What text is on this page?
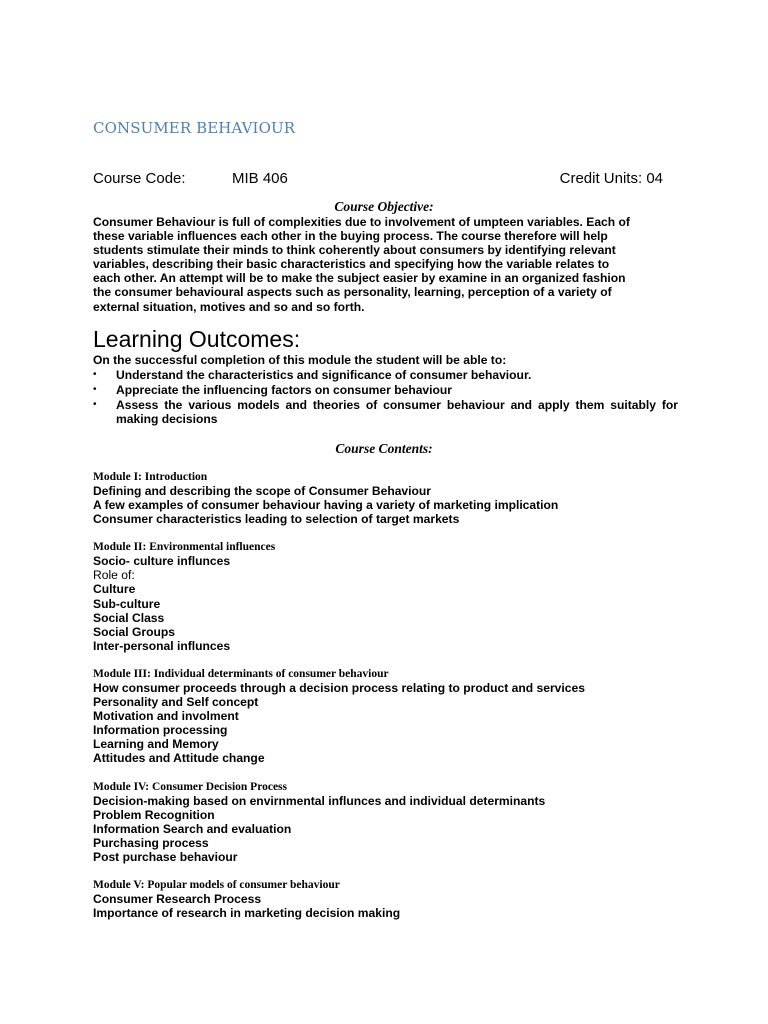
CONSUMER BEHAVIOUR
Course Code:	MIB 406	Credit Units: 04
Course Objective:

Consumer Behaviour is full of complexities due to involvement of umpteen variables. Each of

these variable influences each other in the buying process. The course therefore will help

students stimulate their minds to think coherently about consumers by identifying relevant

variables, describing their basic characteristics and specifying how the variable relates to

each other. An attempt will be to make the subject easier by examine in an organized fashion

the consumer behavioural aspects such as personality, learning, perception of a variety of

external situation, motives and so and so forth.

Learning Outcomes:
On the successful completion of this module the student will be able to:
• Understand the characteristics and significance of consumer behaviour.
• Appreciate the influencing factors on consumer behaviour
• Assess the various models and theories of consumer behaviour and apply them suitably for making decisions
Course Contents:
Module I: Introduction
Defining and describing the scope of Consumer Behaviour
A few examples of consumer behaviour having a variety of marketing implication
Consumer characteristics leading to selection of target markets
Module II: Environmental influences
Socio- culture influnces
Role of:
Culture
Sub-culture
Social Class
Social Groups
Inter-personal influnces
Module III: Individual determinants of consumer behaviour
How consumer proceeds through a decision process relating to product and services
Personality and Self concept
Motivation and involment
Information processing
Learning and Memory
Attitudes and Attitude change
Module IV: Consumer Decision Process
Decision-making based on envirnmental influnces and individual determinants
Problem Recognition
Information Search and evaluation
Purchasing process
Post purchase behaviour
Module V: Popular models of consumer behaviour
Consumer Research Process
Importance of research in marketing decision making
